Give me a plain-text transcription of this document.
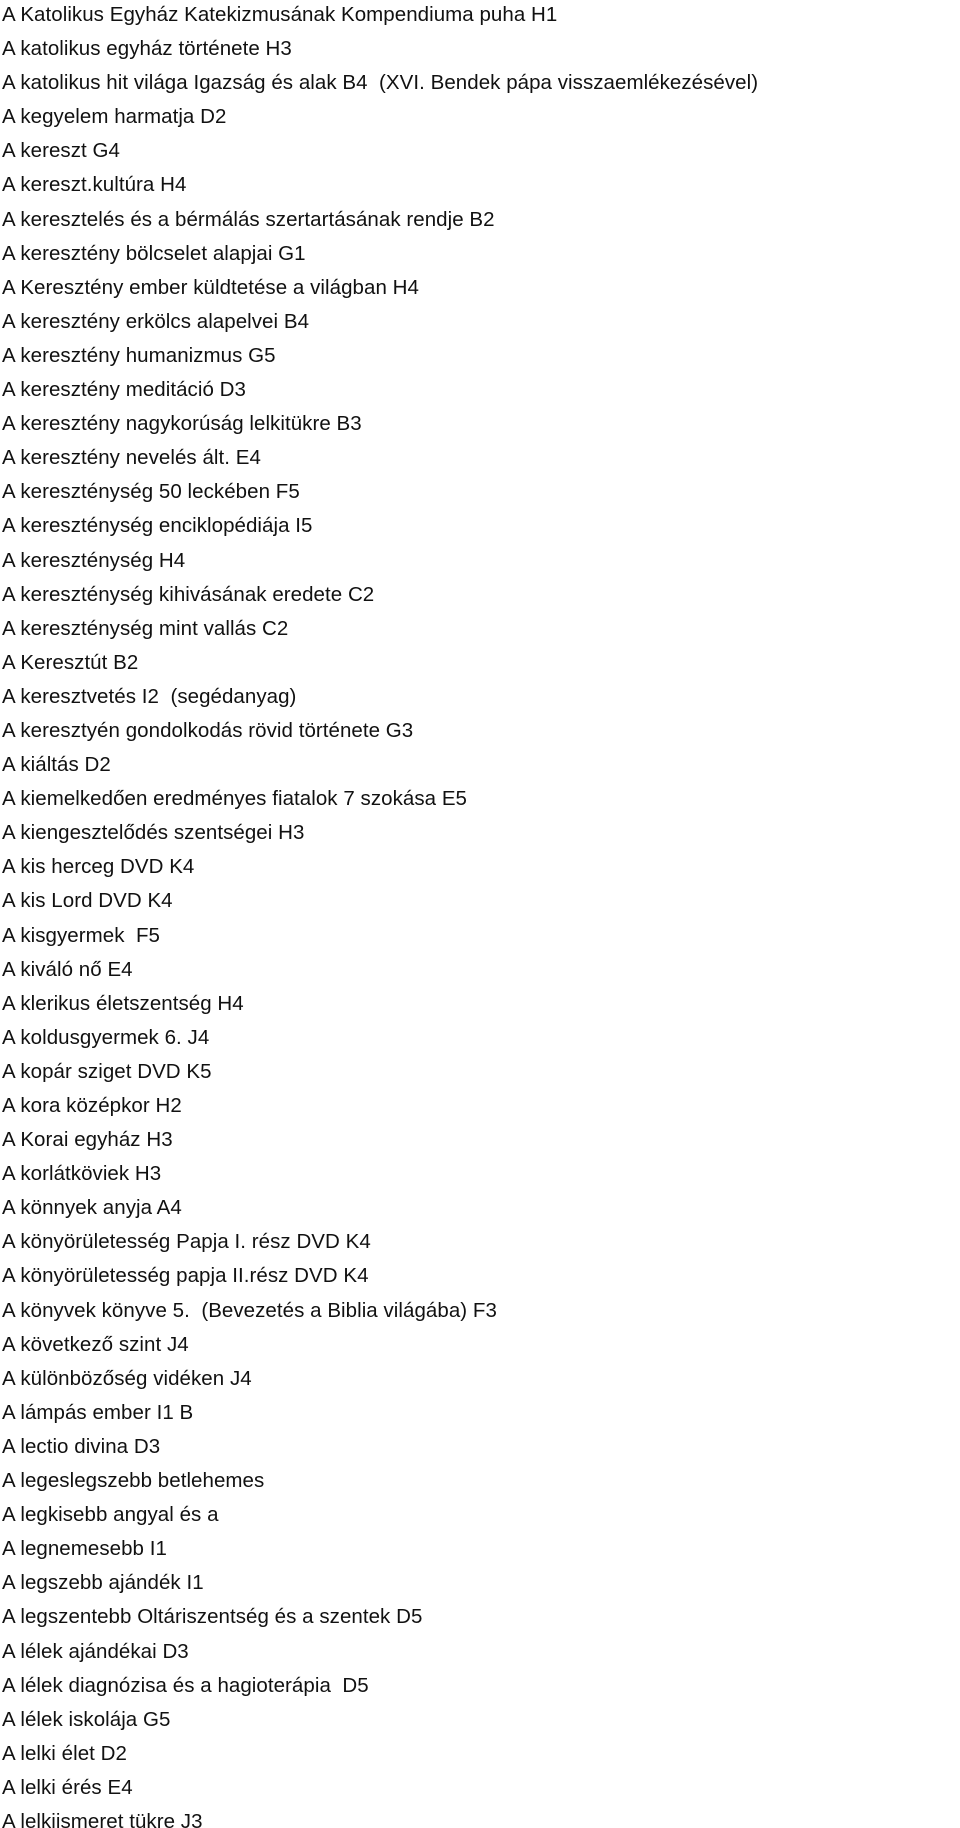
A Katolikus Egyház Katekizmusának Kompendiuma puha H1
A katolikus egyház története H3
A katolikus hit világa Igazság és alak B4  (XVI. Bendek pápa visszaemlékezésével)
A kegyelem harmatja D2
A kereszt G4
A kereszt.kultúra H4
A keresztelés és a bérmálás szertartásának rendje B2
A keresztény bölcselet alapjai G1
A Keresztény ember küldtetése a világban H4
A keresztény erkölcs alapelvei B4
A keresztény humanizmus G5
A keresztény meditáció D3
A keresztény nagykorúság lelkitükre B3
A keresztény nevelés ált. E4
A kereszténység 50 leckében F5
A kereszténység enciklopédiája I5
A kereszténység H4
A kereszténység kihivásának eredete C2
A kereszténység mint vallás C2
A Keresztút B2
A keresztvetés I2  (segédanyag)
A keresztyén gondolkodás rövid története G3
A kiáltás D2
A kiemelkedően eredményes fiatalok 7 szokása E5
A kiengesztelődés szentségei H3
A kis herceg DVD K4
A kis Lord DVD K4
A kisgyermek  F5
A kiváló nő E4
A klerikus életszentség H4
A koldusgyermek 6. J4
A kopár sziget DVD K5
A kora középkor H2
A Korai egyház H3
A korlátköviek H3
A könnyek anyja A4
A könyörületesség Papja I. rész DVD K4
A könyörületesség papja II.rész DVD K4
A könyvek könyve 5.  (Bevezetés a Biblia világába) F3
A következő szint J4
A különbözőség vidéken J4
A lámpás ember I1 B
A lectio divina D3
A legeslegszebb betlehemes
A legkisebb angyal és a
A legnemesebb I1
A legszebb ajándék I1
A legszentebb Oltáriszentség és a szentek D5
A lélek ajándékai D3
A lélek diagnózisa és a hagioterápia  D5
A lélek iskolája G5
A lelki élet D2
A lelki érés E4
A lelkiismeret tükre J3
